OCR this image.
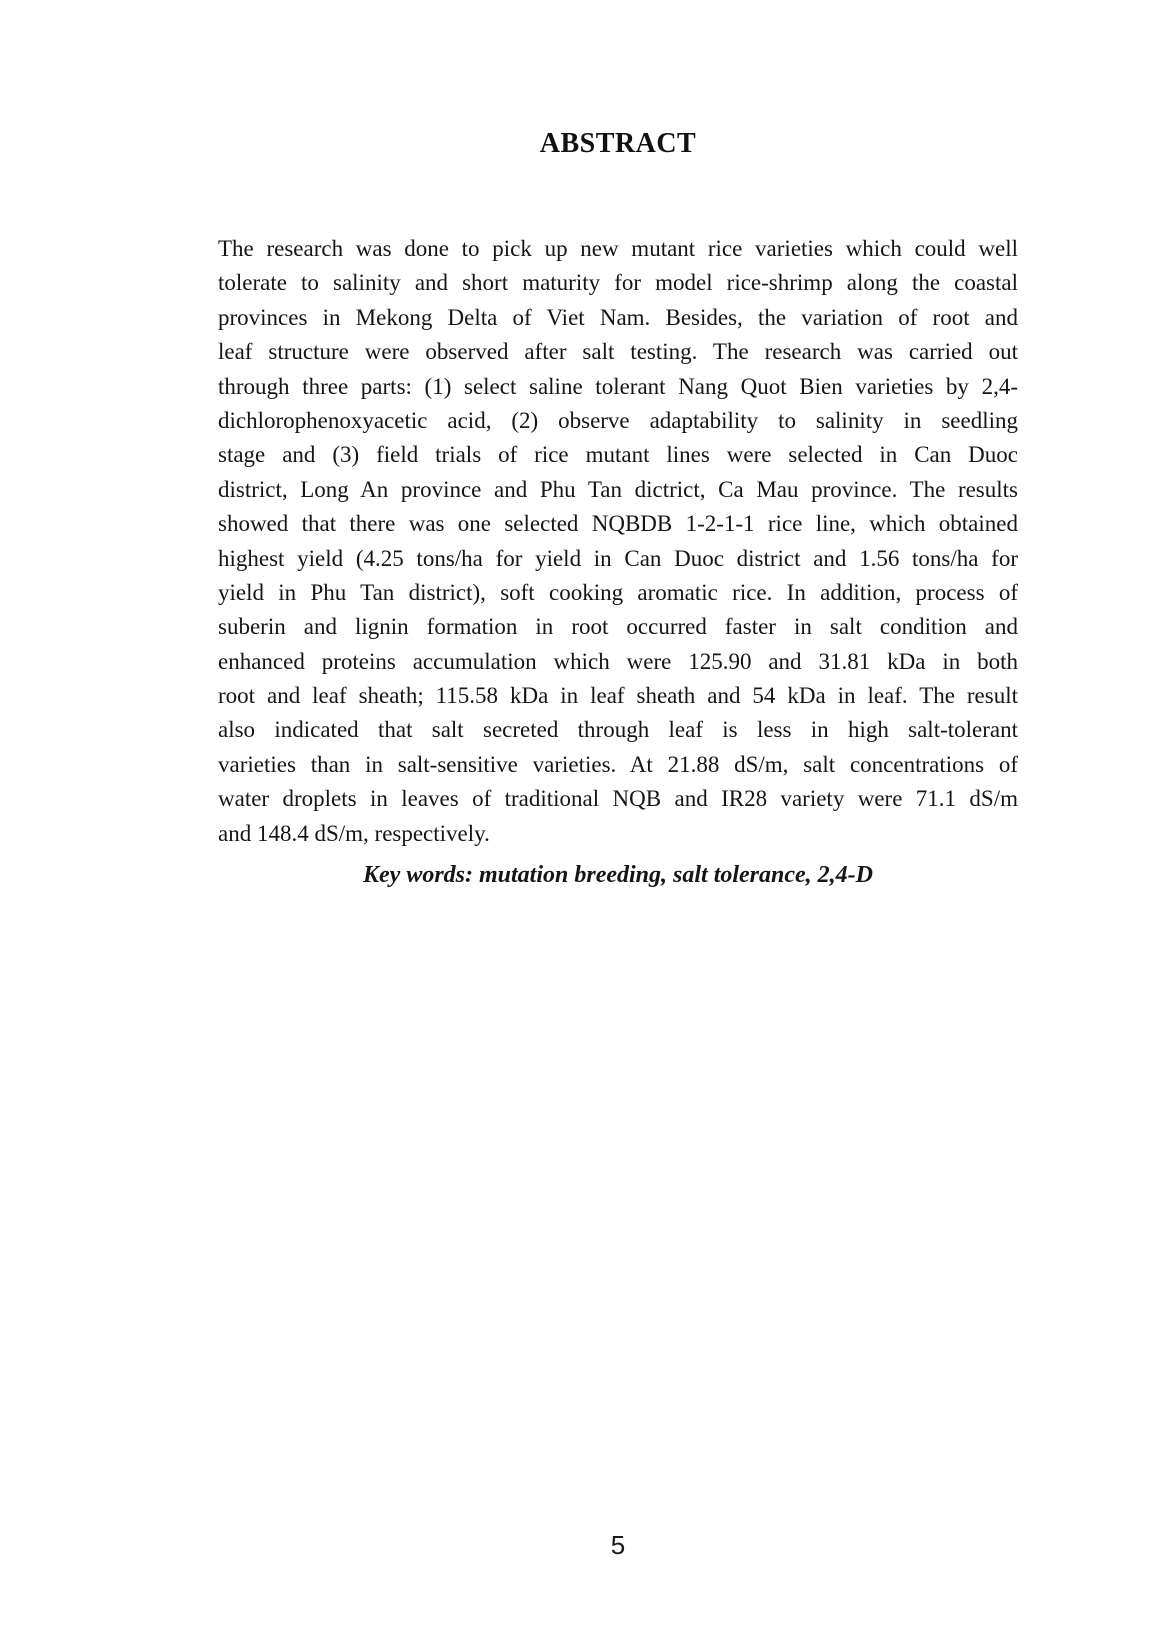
ABSTRACT
The research was done to pick up new mutant rice varieties which could well
tolerate to salinity and short maturity for model rice-shrimp along the coastal
provinces in Mekong Delta of Viet Nam. Besides, the variation of root and
leaf structure were observed after salt testing. The research was carried out
through three parts: (1) select saline tolerant Nang Quot Bien varieties by 2,4-
dichlorophenoxyacetic acid, (2) observe adaptability to salinity in seedling
stage and (3) field trials of rice mutant lines were selected in Can Duoc
district, Long An province and Phu Tan dictrict, Ca Mau province. The results
showed that there was one selected NQBDB 1-2-1-1 rice line, which obtained
highest yield (4.25 tons/ha for yield in Can Duoc district and 1.56 tons/ha for
yield in Phu Tan district), soft cooking aromatic rice. In addition, process of
suberin and lignin formation in root occurred faster in salt condition and
enhanced proteins accumulation which were 125.90 and 31.81 kDa in both
root and leaf sheath; 115.58 kDa in leaf sheath and 54 kDa in leaf. The result
also indicated that salt secreted through leaf is less in high salt-tolerant
varieties than in salt-sensitive varieties. At 21.88 dS/m, salt concentrations of
water droplets in leaves of traditional NQB and IR28 variety were 71.1 dS/m
and 148.4 dS/m, respectively.
Key words: mutation breeding, salt tolerance, 2,4-D
5
